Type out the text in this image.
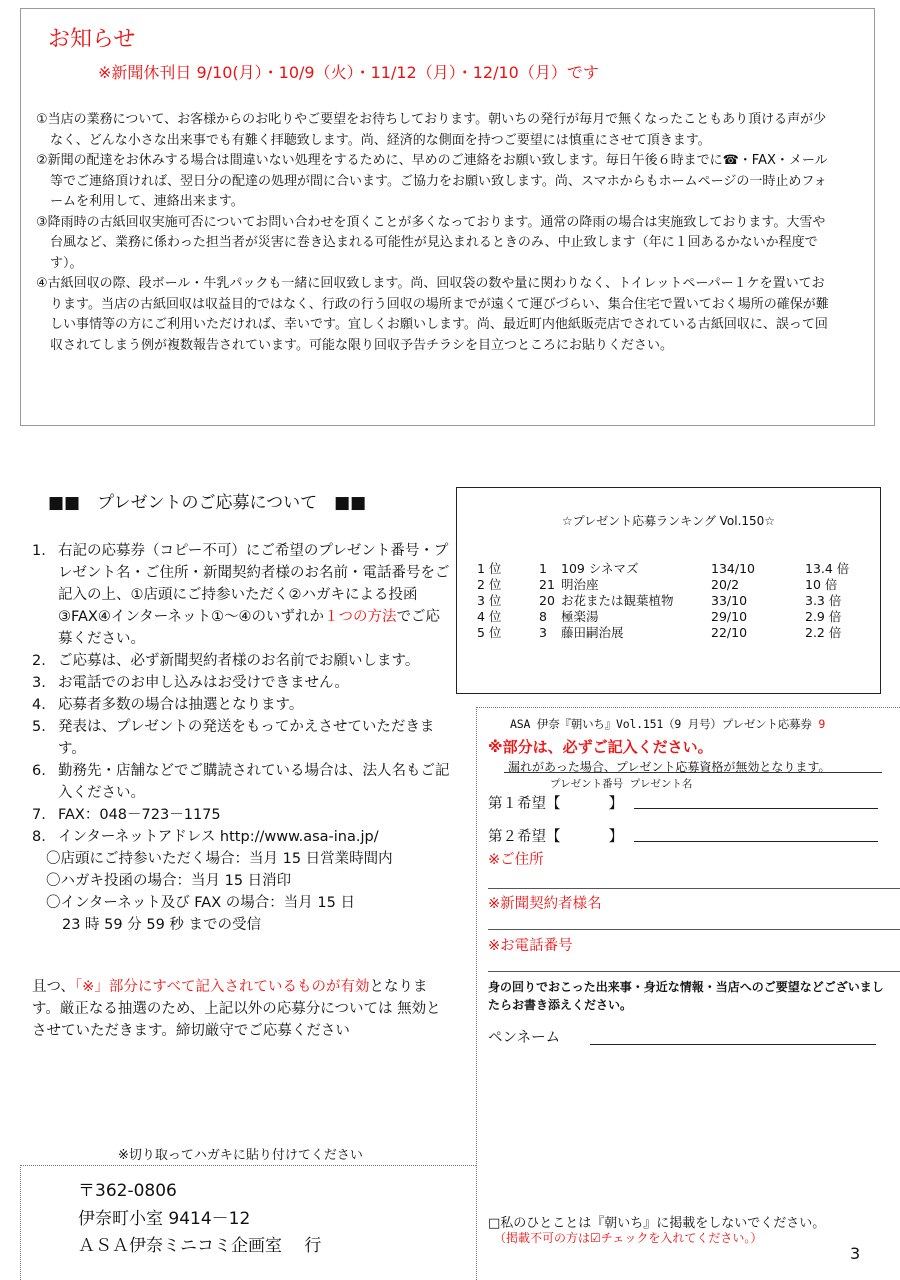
お知らせ
※新聞休刊日 9/10(月）・10/9（火）・11/12（月）・12/10（月）です
①当店の業務について、お客様からのお叱りやご要望をお待ちしております。朝いちの発行が毎月で無くなったこともあり頂ける声が少なく、どんな小さな出来事でも有難く拝聴致します。尚、経済的な側面を持つご要望には慎重にさせて頂きます。
②新聞の配達をお休みする場合は間違いない処理をするために、早めのご連絡をお願い致します。毎日午後６時までに☎・FAX・メール等でご連絡頂ければ、翌日分の配達の処理が間に合います。ご協力をお願い致します。尚、スマホからもホームページの一時止めフォームを利用して、連絡出来ます。
③降雨時の古紙回収実施可否についてお問い合わせを頂くことが多くなっております。通常の降雨の場合は実施致しております。大雪や台風など、業務に係わった担当者が災害に巻き込まれる可能性が見込まれるときのみ、中止致します（年に１回あるかないか程度です）。
④古紙回収の際、段ボール・牛乳パックも一緒に回収致します。尚、回収袋の数や量に関わりなく、トイレットペーパー１ケを置いております。当店の古紙回収は収益目的ではなく、行政の行う回収の場所までが遠くて運びづらい、集合住宅で置いておく場所の確保が難しい事情等の方にご利用いただければ、幸いです。宜しくお願いします。尚、最近町内他紙販売店でされている古紙回収に、誤って回収されてしまう例が複数報告されています。可能な限り回収予告チラシを目立つところにお貼りください。
■■　プレゼントのご応募について　■■
1. 右記の応募券（コピー不可）にご希望のプレゼント番号・プレゼント名・ご住所・新聞契約者様のお名前・電話番号をご記入の上、①店頭にご持参いただく②ハガキによる投函③FAX④インターネット①～④のいずれか１つの方法でご応募ください。
2. ご応募は、必ず新聞契約者様のお名前でお願いします。
3. お電話でのお申し込みはお受けできません。
4. 応募者多数の場合は抽選となります。
5. 発表は、プレゼントの発送をもってかえさせていただきます。
6. 勤務先・店舗などでご購読されている場合は、法人名もご記入ください。
7. FAX：048－723－1175
8. インターネットアドレス http://www.asa-ina.jp/
〇店頭にご持参いただく場合：当月 15 日営業時間内
〇ハガキ投函の場合：当月 15 日消印
〇インターネット及び FAX の場合：当月 15 日
23 時 59 分 59 秒 までの受信
且つ、「※」部分にすべて記入されているものが有効となります。厳正なる抽選のため、上記以外の応募分については 無効とさせていただきます。締切厳守でご応募ください
※切り取ってハガキに貼り付けてください
〒362-0806
伊奈町小室 9414－12
ＡＳＡ伊奈ミニコミ企画室　 行
☆プレゼント応募ランキング Vol.150☆
1 位	1	109 シネマズ	134/10	13.4 倍
2 位	21	明治座	20/2	10 倍
3 位	20	お花または観葉植物	33/10	3.3 倍
4 位	8	極楽湯	29/10	2.9 倍
5 位	3	藤田嗣治展	22/10	2.2 倍
ASA 伊奈『朝いち』Vol.151（9 月号）プレゼント応募券 9
※部分は、必ずご記入ください。
漏れがあった場合、プレゼント応募資格が無効となります。
プレゼント番号 プレゼント名
第１希望【　　　 】
第２希望【　　　 】
※ご住所
※新聞契約者様名
※お電話番号
身の回りでおこった出来事・身近な情報・当店へのご要望などございましたらお書き添えください。
ペンネーム
□私のひとことは『朝いち』に掲載をしないでください。
（掲載不可の方は☑チェックを入れてください。）
3
